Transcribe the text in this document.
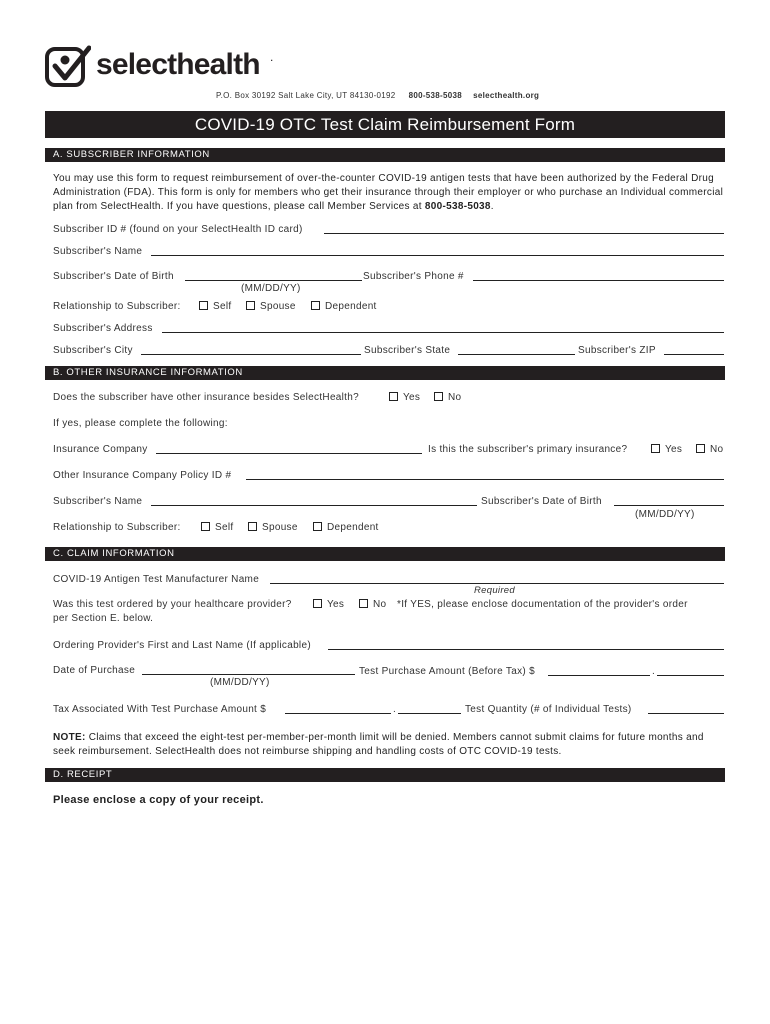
selecthealth .
P.O. Box 30192 Salt Lake City, UT 84130-0192 800-538-5038 selecthealth.org
COVID-19 OTC Test Claim Reimbursement Form
A. SUBSCRIBER INFORMATION
You may use this form to request reimbursement of over-the-counter COVID-19 antigen tests that have been authorized by the Federal Drug Administration (FDA). This form is only for members who get their insurance through their employer or who purchase an Individual commercial plan from SelectHealth. If you have questions, please call Member Services at 800-538-5038.
Subscriber ID # (found on your SelectHealth ID card)
Subscriber's Name
Subscriber's Date of Birth
(MM/DD/YY)
Subscriber's Phone #
Relationship to Subscriber:	Self	Spouse	Dependent
Subscriber's Address
Subscriber's City	Subscriber's State	Subscriber's ZIP
B. OTHER INSURANCE INFORMATION
Does the subscriber have other insurance besides SelectHealth?	Yes	No
If yes, please complete the following:
Insurance Company	Is this the subscriber's primary insurance?	Yes	No
Other Insurance Company Policy ID #
Subscriber's Name	Subscriber's Date of Birth
(MM/DD/YY)
Relationship to Subscriber:	Self	Spouse	Dependent
C. CLAIM INFORMATION
COVID-19 Antigen Test Manufacturer Name
Required
Was this test ordered by your healthcare provider?	Yes	No *If YES, please enclose documentation of the provider's order
per Section E. below.
Ordering Provider's First and Last Name (If applicable)
Date of Purchase
(MM/DD/YY)
Test Purchase Amount (Before Tax) $	.
Tax Associated With Test Purchase Amount $	.	Test Quantity (# of Individual Tests)
NOTE: Claims that exceed the eight-test per-member-per-month limit will be denied. Members cannot submit claims for future months and seek reimbursement. SelectHealth does not reimburse shipping and handling costs of OTC COVID-19 tests.
D. RECEIPT
Please enclose a copy of your receipt.
